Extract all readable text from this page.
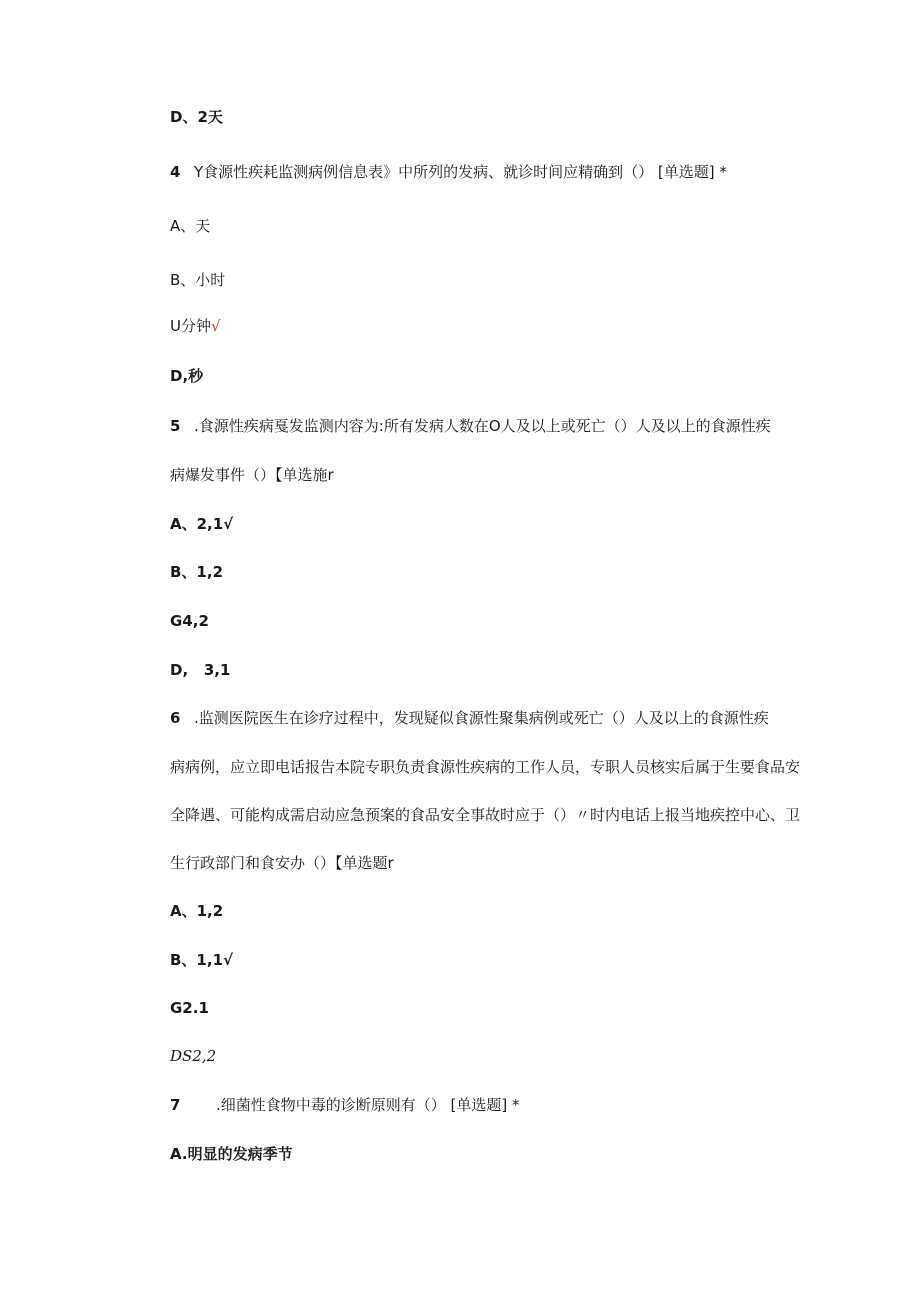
D、2天
4 Y食源性疾耗监测病例信息表》中所列的发病、就诊时间应精确到（） [单选题] *
A、天
B、小时
U分钟√
D,秒
5 .食源性疾病戛发监测内容为:所有发病人数在O人及以上或死亡（）人及以上的食源性疾
病爆发事件（）【单选施r
A、2,1√
B、1,2
G4,2
D,   3,1
6 .监测医院医生在诊疗过程中，发现疑似食源性聚集病例或死亡（）人及以上的食源性疾
病病例，应立即电话报告本院专职负责食源性疾病的工作人员，专职人员核实后属于生要食品安
全降遇、可能构成需启动应急预案的食品安全事故时应于（）〃时内电话上报当地疾控中心、卫
生行政部门和食安办（）【单选题r
A、1,2
B、1,1√
G2.1
DS2,2
7 .细菌性食物中毒的诊断原则有（） [单选题] *
A.明显的发病季节
